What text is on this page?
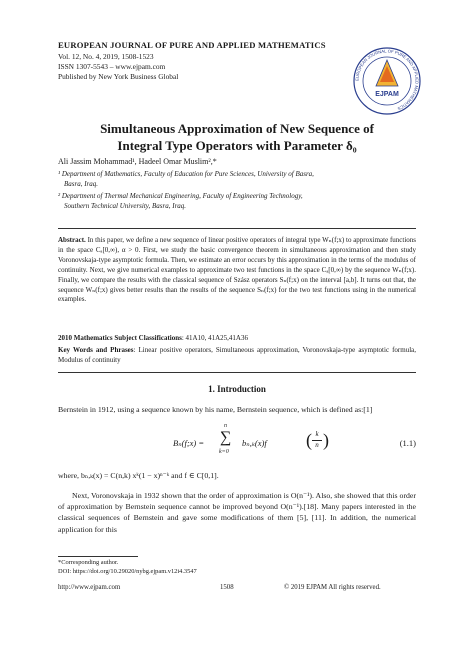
EUROPEAN JOURNAL OF PURE AND APPLIED MATHEMATICS
Vol. 12, No. 4, 2019, 1508-1523
ISSN 1307-5543 – www.ejpam.com
Published by New York Business Global	EUROPEAN JOURNAL OF PURE AND APPLIED MATHEMATICS
EJPAM
Simultaneous Approximation of New Sequence of
Integral Type Operators with Parameter δ₀
Ali Jassim Mohammad¹, Hadeel Omar Muslim²,*
¹ Department of Mathematics, Faculty of Education for Pure Sciences, University of Basra,
Basra, Iraq.
² Department of Thermal Mechanical Engineering, Faculty of Engineering Technology,
Southern Technical University, Basra, Iraq.
Abstract. In this paper, we define a new sequence of linear positive operators of integral type Wₙ(f;x) to approximate functions in the space Cₐ[0,∞), α > 0. First, we study the basic convergence theorem in simultaneous approximation and then study Voronovskaja-type asymptotic formula. Then, we estimate an error occurs by this approximation in the terms of the modulus of continuity. Next, we give numerical examples to approximate two test functions in the space Cₐ[0,∞) by the sequence Wₙ(f;x). Finally, we compare the results with the classical sequence of Szász operators Sₙ(f;x) on the interval [a,b]. It turns out that, the sequence Wₙ(f;x) gives better results than the results of the sequence Sₙ(f;x) for the two test functions using in the numerical examples.
2010 Mathematics Subject Classifications: 41A10, 41A25,41A36
Key Words and Phrases: Linear positive operators, Simultaneous approximation, Voronovskaja-type asymptotic formula, Modulus of continuity
1. Introduction
Bernstein in 1912, using a sequence known by his name, Bernstein sequence, which is defined as:[1]
Bₙ(f;x) =
n
∑
k=0
bₙ,ₖ(x)f ( k
n )	(1.1)
where, bₙ,ₖ(x) = C(n,k) xᵏ(1 − x)ⁿ⁻ᵏ and f ∈ C[0,1].
Next, Voronovskaja in 1932 shown that the order of approximation is O(n⁻¹). Also, she showed that this order of approximation by Bernstein sequence cannot be improved beyond O(n⁻¹).[18]. Many papers interested in the classical sequences of Bernstein and gave some modifications of them [5], [11]. In addition, the numerical application for this
*Corresponding author.
DOI: https://doi.org/10.29020/nybg.ejpam.v12i4.3547
http://www.ejpam.com	1508	© 2019 EJPAM All rights reserved.
